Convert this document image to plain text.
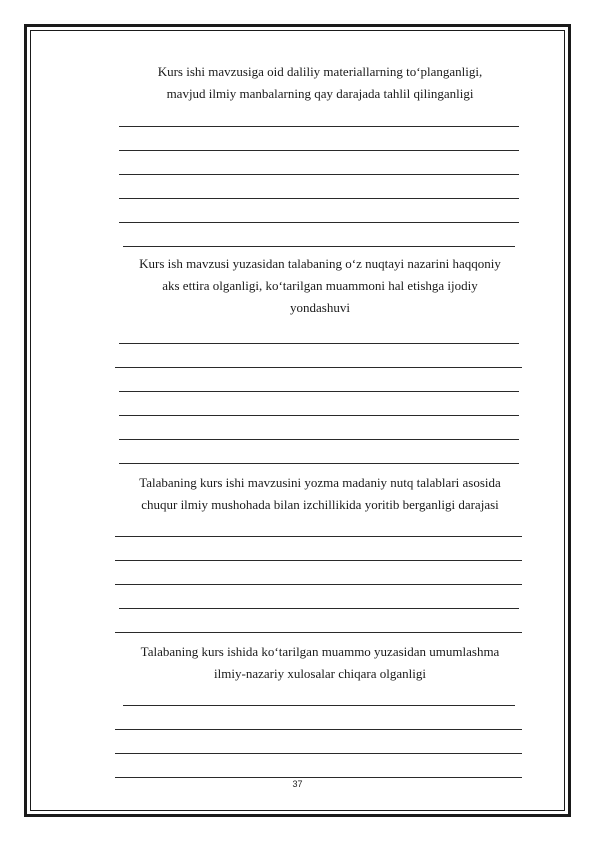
Kurs ishi mavzusiga oid daliliy materiallarning to‘planganligi,
mavjud ilmiy manbalarning qay darajada tahlil qilinganligi
Kurs ish mavzusi yuzasidan talabaning o‘z nuqtayi nazarini haqqoniy
aks ettira olganligi, ko‘tarilgan muammoni hal etishga ijodiy
yondashuvi
Talabaning kurs ishi mavzusini yozma madaniy nutq talablari asosida
chuqur ilmiy mushohada bilan izchillikida yoritib berganligi darajasi
Talabaning kurs ishida ko‘tarilgan muammo yuzasidan umumlashma
ilmiy-nazariy xulosalar chiqara olganligi
37
